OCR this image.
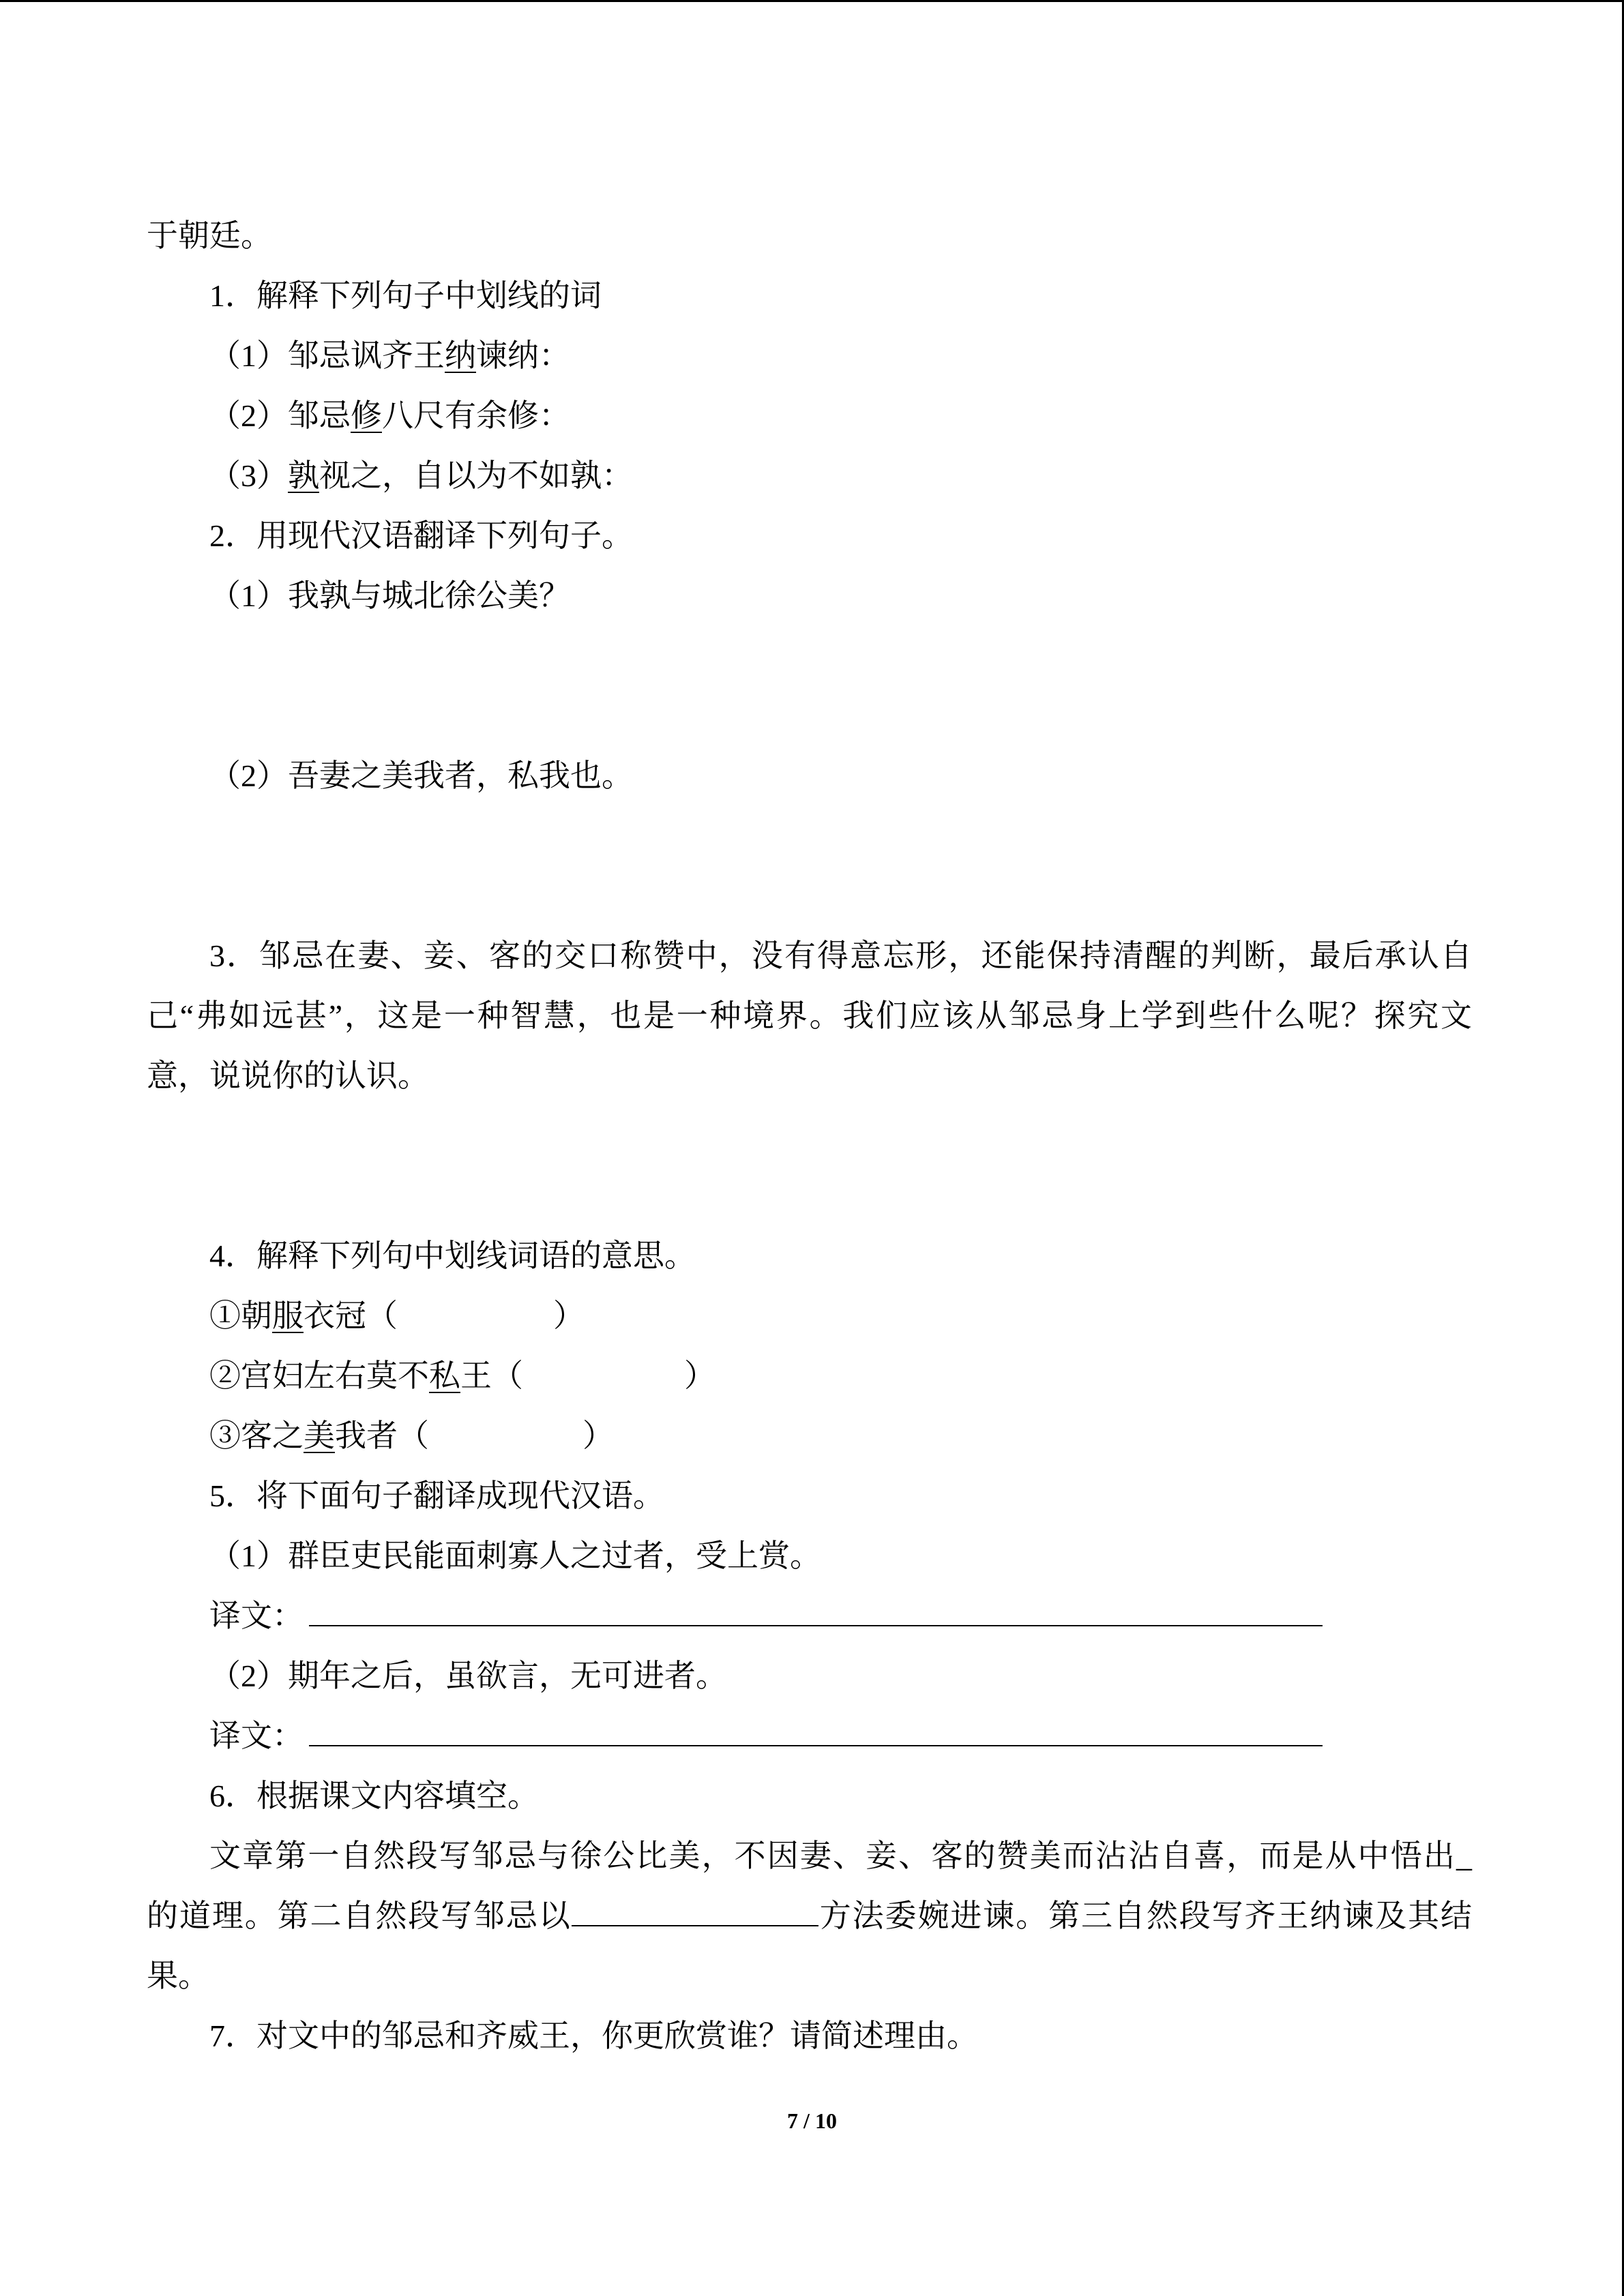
于朝廷。
1．解释下列句子中划线的词
（1）邹忌讽齐王纳谏纳：
（2）邹忌修八尺有余修：
（3）孰视之，自以为不如孰：
2．用现代汉语翻译下列句子。
（1）我孰与城北徐公美？
（2）吾妻之美我者，私我也。
3．邹忌在妻、妾、客的交口称赞中，没有得意忘形，还能保持清醒的判断，最后承认自
己“弗如远甚”，这是一种智慧，也是一种境界。我们应该从邹忌身上学到些什么呢？探究文
意，说说你的认识。
4．解释下列句中划线词语的意思。
①朝服衣冠（	）
②宫妇左右莫不私王（	）
③客之美我者（	）
5．将下面句子翻译成现代汉语。
（1）群臣吏民能面刺寡人之过者，受上赏。
译文：
（2）期年之后，虽欲言，无可进者。
译文：
6．根据课文内容填空。
文章第一自然段写邹忌与徐公比美，不因妻、妾、客的赞美而沾沾自喜，而是从中悟出_
的道理。第二自然段写邹忌以	方法委婉进谏。第三自然段写齐王纳谏及其结
果。
7．对文中的邹忌和齐威王，你更欣赏谁？请简述理由。
7 / 10
